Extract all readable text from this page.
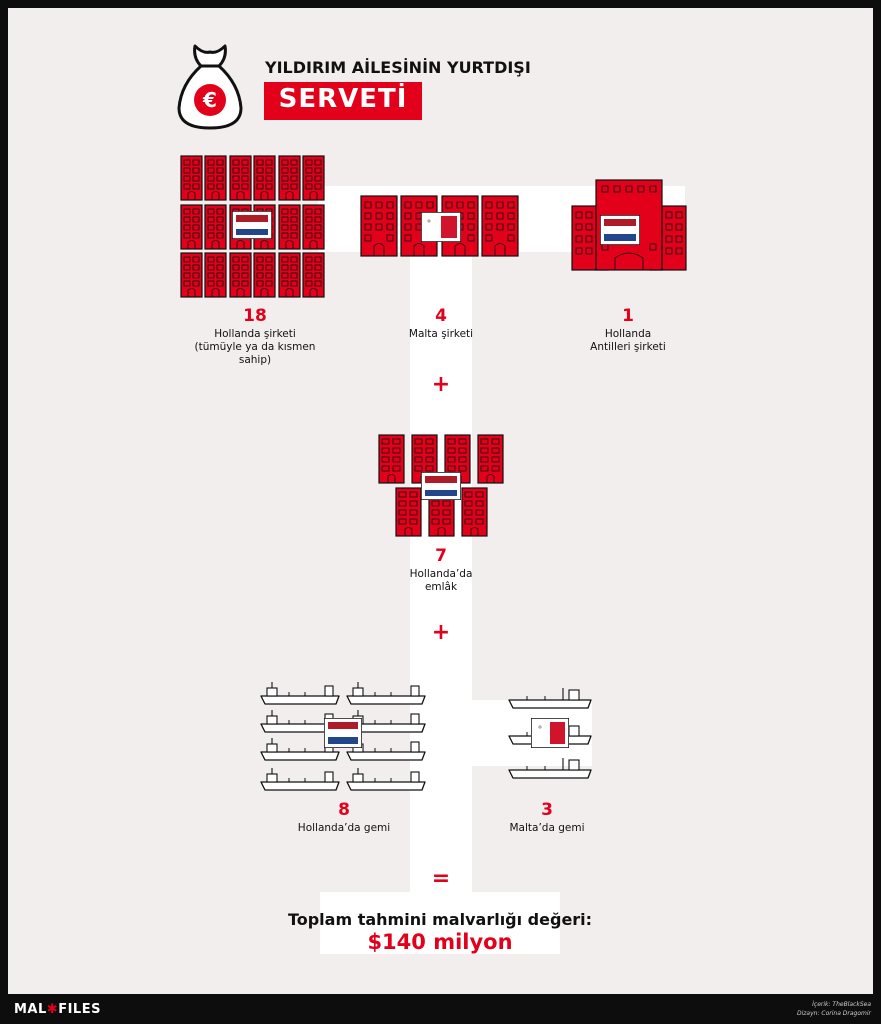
€
YILDIRIM AİLESİNİN YURTDIŞI
SERVETİ
18
Hollanda şirketi
(tümüyle ya da kısmen
sahip)
4
Malta şirketi
1
Hollanda
Antilleri şirketi
+
7
Hollanda’da
emlâk
+
8
Hollanda’da gemi
3
Malta’da gemi
=
Toplam tahmini malvarlığı değeri:
$140 milyon
MAL✱FILES	İçerik: TheBlackSea
Dizayn: Corina Dragomir
